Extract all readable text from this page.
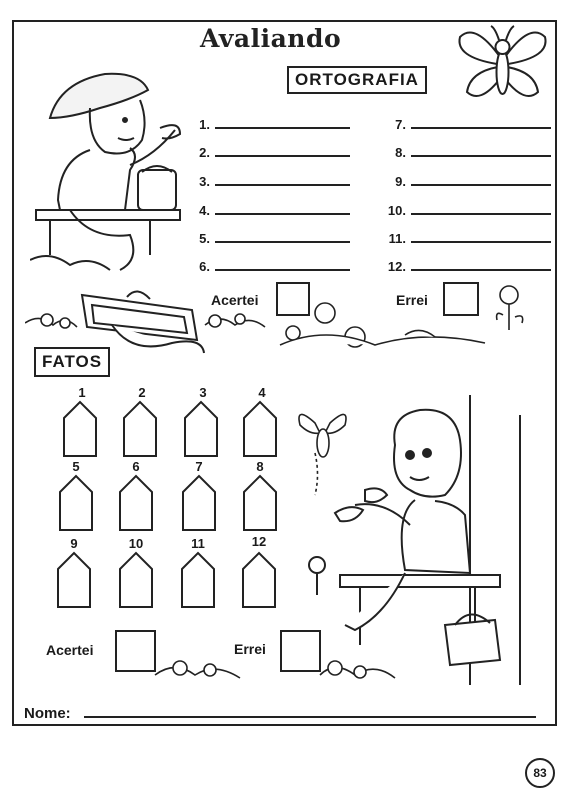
Avaliando
ORTOGRAFIA
1.
2.
3.
4.
5.
6.
7.
8.
9.
10.
11.
12.
Acertei	Errei
FATOS
1	2	3	4
5	6	7	8
9	10	11	12
Acertei	Errei
Nome:
83
